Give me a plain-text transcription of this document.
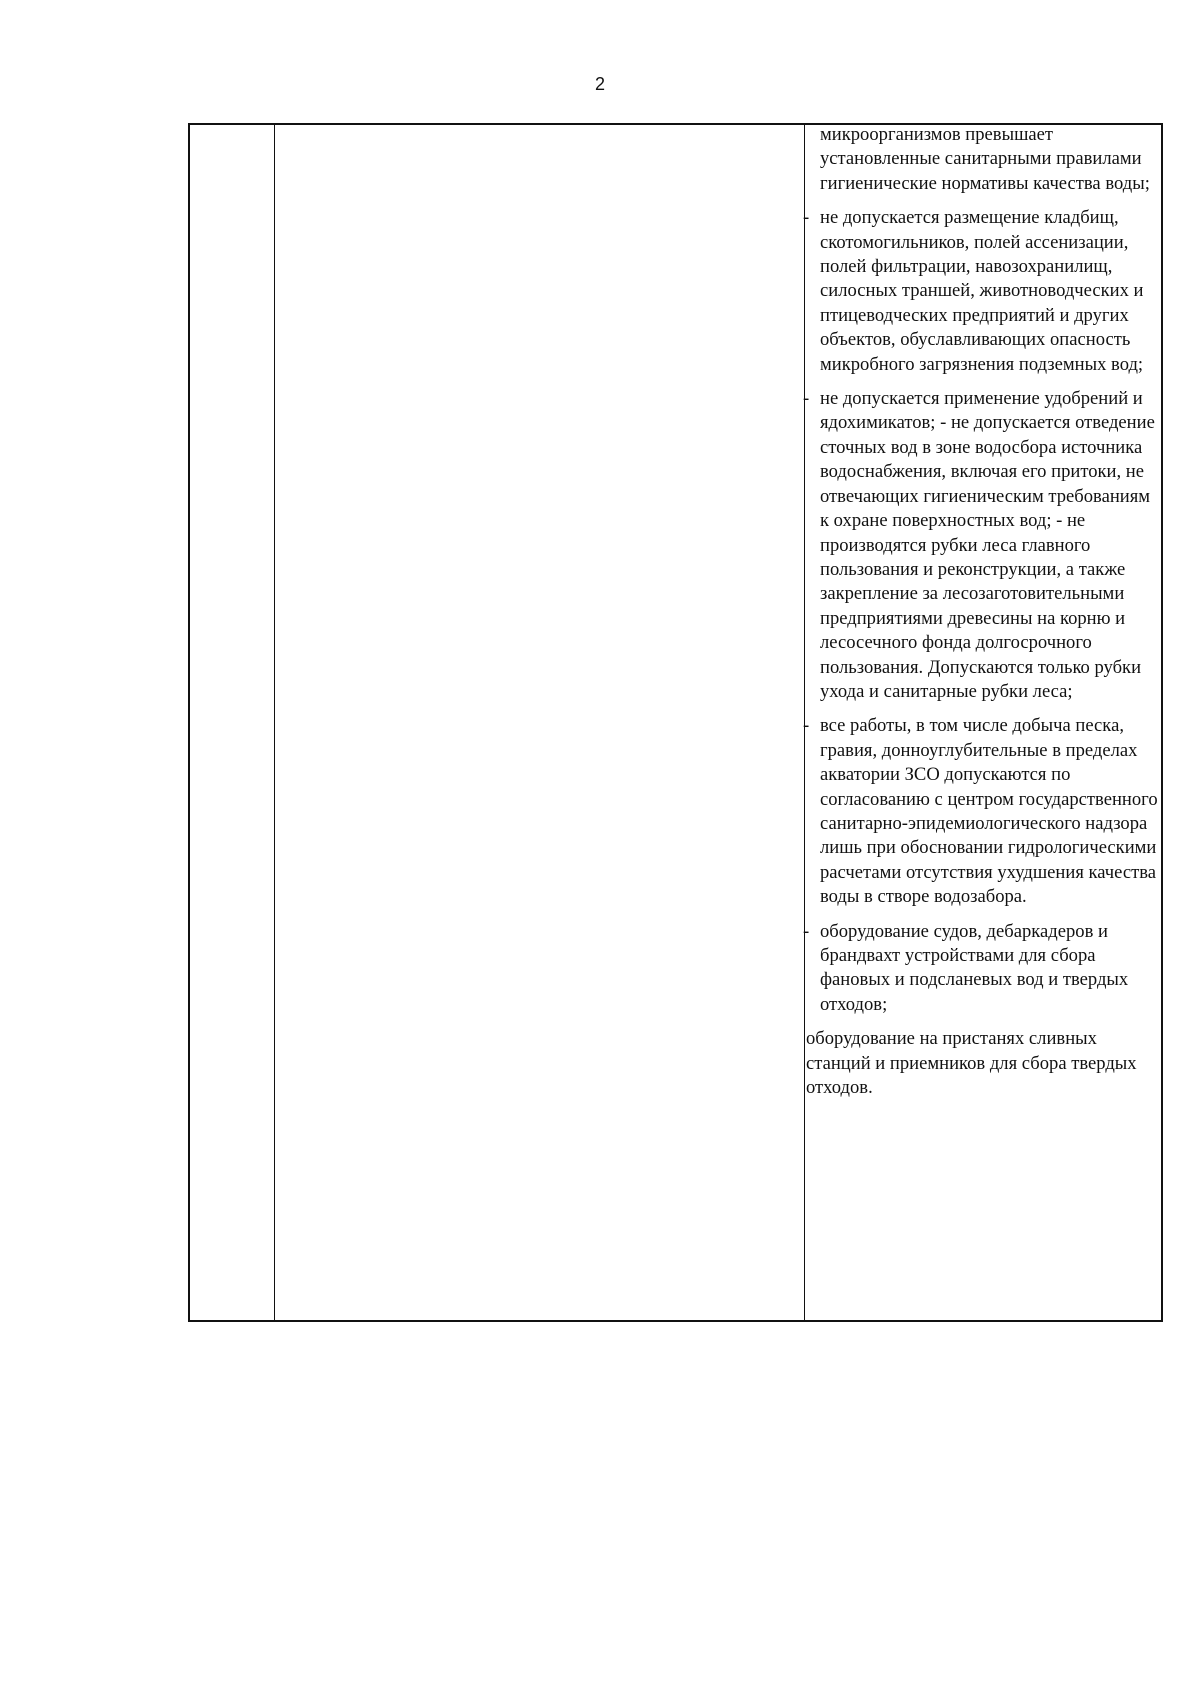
2
микроорганизмов превышает установленные санитарными правилами гигиенические нормативы качества воды;
- не допускается размещение кладбищ, скотомогильников, полей ассенизации, полей фильтрации, навозохранилищ, силосных траншей, животноводческих и птицеводческих предприятий и других объектов, обуславливающих опасность микробного загрязнения подземных вод;
- не допускается применение удобрений и ядохимикатов; - не допускается отведение сточных вод в зоне водосбора источника водоснабжения, включая его притоки, не отвечающих гигиеническим требованиям к охране поверхностных вод; - не производятся рубки леса главного пользования и реконструкции, а также закрепление за лесозаготовительными предприятиями древесины на корню и лесосечного фонда долгосрочного пользования. Допускаются только рубки ухода и санитарные рубки леса;
- все работы, в том числе добыча песка, гравия, донноуглубительные в пределах акватории ЗСО допускаются по согласованию с центром государственного санитарно-эпидемиологического надзора лишь при обосновании гидрологическими расчетами отсутствия ухудшения качества воды в створе водозабора.
- оборудование судов, дебаркадеров и брандвахт устройствами для сбора фановых и подсланевых вод и твердых отходов;
оборудование на пристанях сливных станций и приемников для сбора твердых отходов.
